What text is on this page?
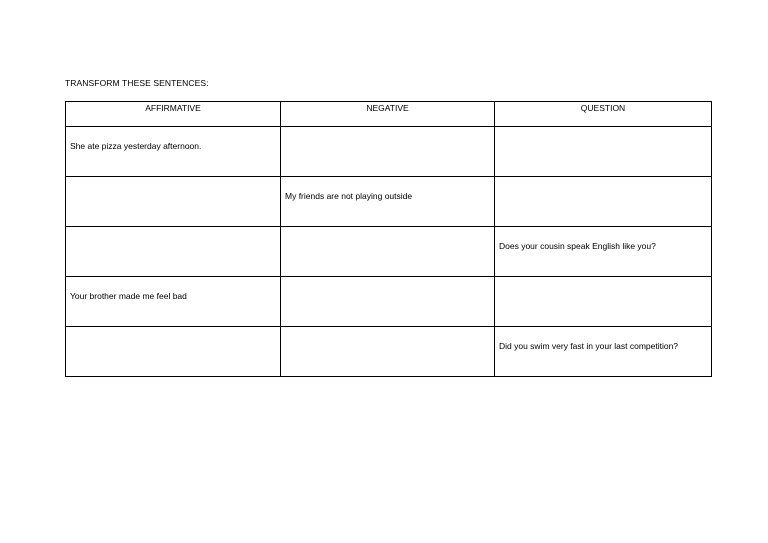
TRANSFORM THESE SENTENCES:
AFFIRMATIVE	NEGATIVE	QUESTION

She ate pizza yesterday afternoon.		

	My friends are not playing outside	

		Does your cousin speak English like you?

Your brother made me feel bad		

		Did you swim very fast in your last competition?
